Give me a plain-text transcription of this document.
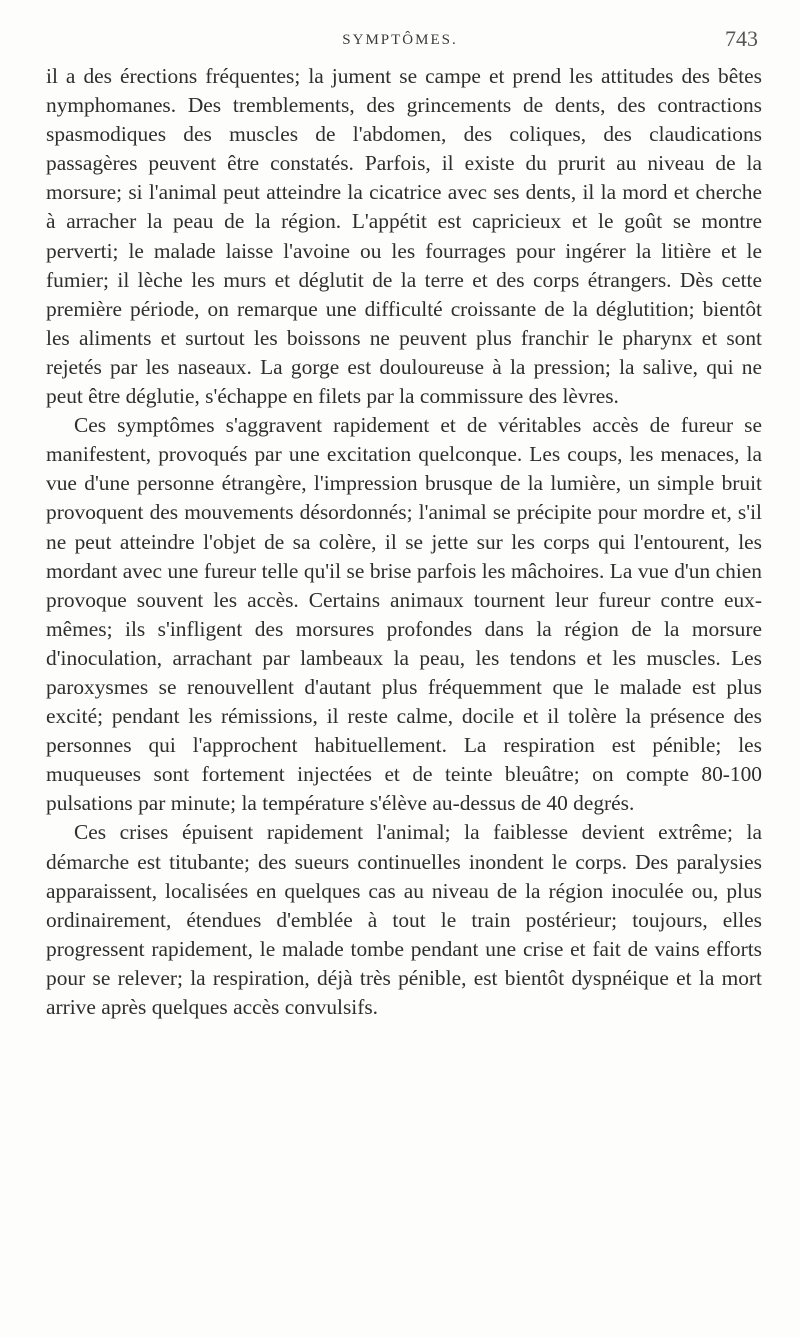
SYMPTÔMES.	743

il a des érections fréquentes; la jument se campe et prend les attitudes des bêtes nymphomanes. Des tremblements, des grincements de dents, des contractions spasmodiques des muscles de l'abdomen, des coliques, des claudications passagères peuvent être constatés. Parfois, il existe du prurit au niveau de la morsure; si l'animal peut atteindre la cicatrice avec ses dents, il la mord et cherche à arracher la peau de la région. L'appétit est capricieux et le goût se montre perverti; le malade laisse l'avoine ou les fourrages pour ingérer la litière et le fumier; il lèche les murs et déglutit de la terre et des corps étrangers. Dès cette première période, on remarque une difficulté croissante de la déglutition; bientôt les aliments et surtout les boissons ne peuvent plus franchir le pharynx et sont rejetés par les naseaux. La gorge est douloureuse à la pression; la salive, qui ne peut être déglutie, s'échappe en filets par la commissure des lèvres.

Ces symptômes s'aggravent rapidement et de véritables accès de fureur se manifestent, provoqués par une excitation quelconque. Les coups, les menaces, la vue d'une personne étrangère, l'impression brusque de la lumière, un simple bruit provoquent des mouvements désordonnés; l'animal se précipite pour mordre et, s'il ne peut atteindre l'objet de sa colère, il se jette sur les corps qui l'entourent, les mordant avec une fureur telle qu'il se brise parfois les mâchoires. La vue d'un chien provoque souvent les accès. Certains animaux tournent leur fureur contre eux-mêmes; ils s'infligent des morsures profondes dans la région de la morsure d'inoculation, arrachant par lambeaux la peau, les tendons et les muscles. Les paroxysmes se renouvellent d'autant plus fréquemment que le malade est plus excité; pendant les rémissions, il reste calme, docile et il tolère la présence des personnes qui l'approchent habituellement. La respiration est pénible; les muqueuses sont fortement injectées et de teinte bleuâtre; on compte 80-100 pulsations par minute; la température s'élève au-dessus de 40 degrés.

Ces crises épuisent rapidement l'animal; la faiblesse devient extrême; la démarche est titubante; des sueurs continuelles inondent le corps. Des paralysies apparaissent, localisées en quelques cas au niveau de la région inoculée ou, plus ordinairement, étendues d'emblée à tout le train postérieur; toujours, elles progressent rapidement, le malade tombe pendant une crise et fait de vains efforts pour se relever; la respiration, déjà très pénible, est bientôt dyspnéique et la mort arrive après quelques accès convulsifs.
